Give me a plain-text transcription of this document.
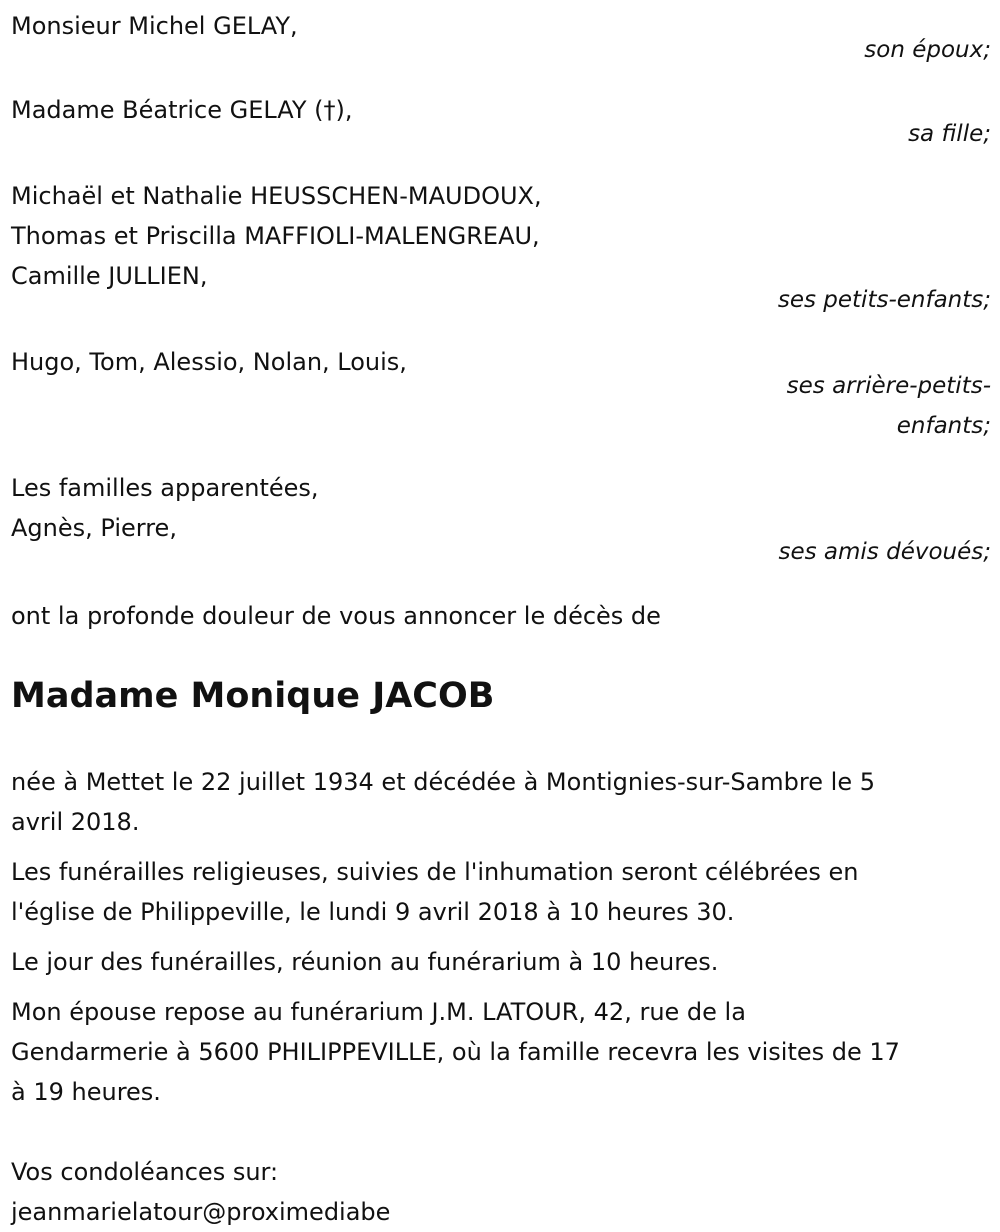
Monsieur Michel GELAY,
son époux;
Madame Béatrice GELAY (†),
sa fille;
Michaël et Nathalie HEUSSCHEN-MAUDOUX,
Thomas et Priscilla MAFFIOLI-MALENGREAU,
Camille JULLIEN,
ses petits-enfants;
Hugo, Tom, Alessio, Nolan, Louis,
ses arrière-petits-
enfants;
Les familles apparentées,
Agnès, Pierre,
ses amis dévoués;
ont la profonde douleur de vous annoncer le décès de
Madame Monique JACOB
née à Mettet le 22 juillet 1934 et décédée à Montignies-sur-Sambre le 5
avril 2018.
Les funérailles religieuses, suivies de l'inhumation seront célébrées en
l'église de Philippeville, le lundi 9 avril 2018 à 10 heures 30.
Le jour des funérailles, réunion au funérarium à 10 heures.
Mon épouse repose au funérarium J.M. LATOUR, 42, rue de la
Gendarmerie à 5600 PHILIPPEVILLE, où la famille recevra les visites de 17
à 19 heures.
Vos condoléances sur:
jeanmarielatour@proximediabe
